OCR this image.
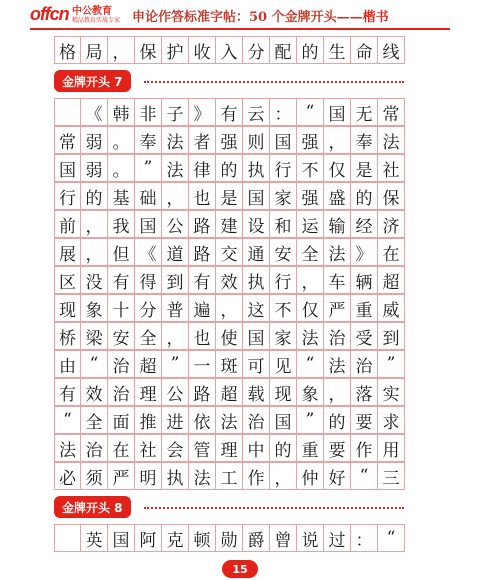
offcn 中公教育
精品教育实战专家 申论作答标准字帖：50 个金牌开头——楷书
格 局 ， 保 护 收 入 分 配 的 生 命 线
金牌开头 7
《 韩 非 子 》 有 云 ： “ 国 无 常
常 弱 。 奉 法 者 强 则 国 强 ， 奉 法
国 弱 。 ” 法 律 的 执 行 不 仅 是 社
行 的 基 础 ， 也 是 国 家 强 盛 的 保
前 ， 我 国 公 路 建 设 和 运 输 经 济
展 ， 但 《 道 路 交 通 安 全 法 》 在
区 没 有 得 到 有 效 执 行 ， 车 辆 超
现 象 十 分 普 遍 ， 这 不 仅 严 重 威
桥 梁 安 全 ， 也 使 国 家 法 治 受 到
由 “ 治 超 ” 一 斑 可 见 “ 法 治 ”
有 效 治 理 公 路 超 载 现 象 ， 落 实
“ 全 面 推 进 依 法 治 国 ” 的 要 求
法 治 在 社 会 管 理 中 的 重 要 作 用
必 须 严 明 执 法 工 作 ， 仲 好 “ 三
金牌开头 8
英 国 阿 克 顿 勋 爵 曾 说 过 ： “
15
